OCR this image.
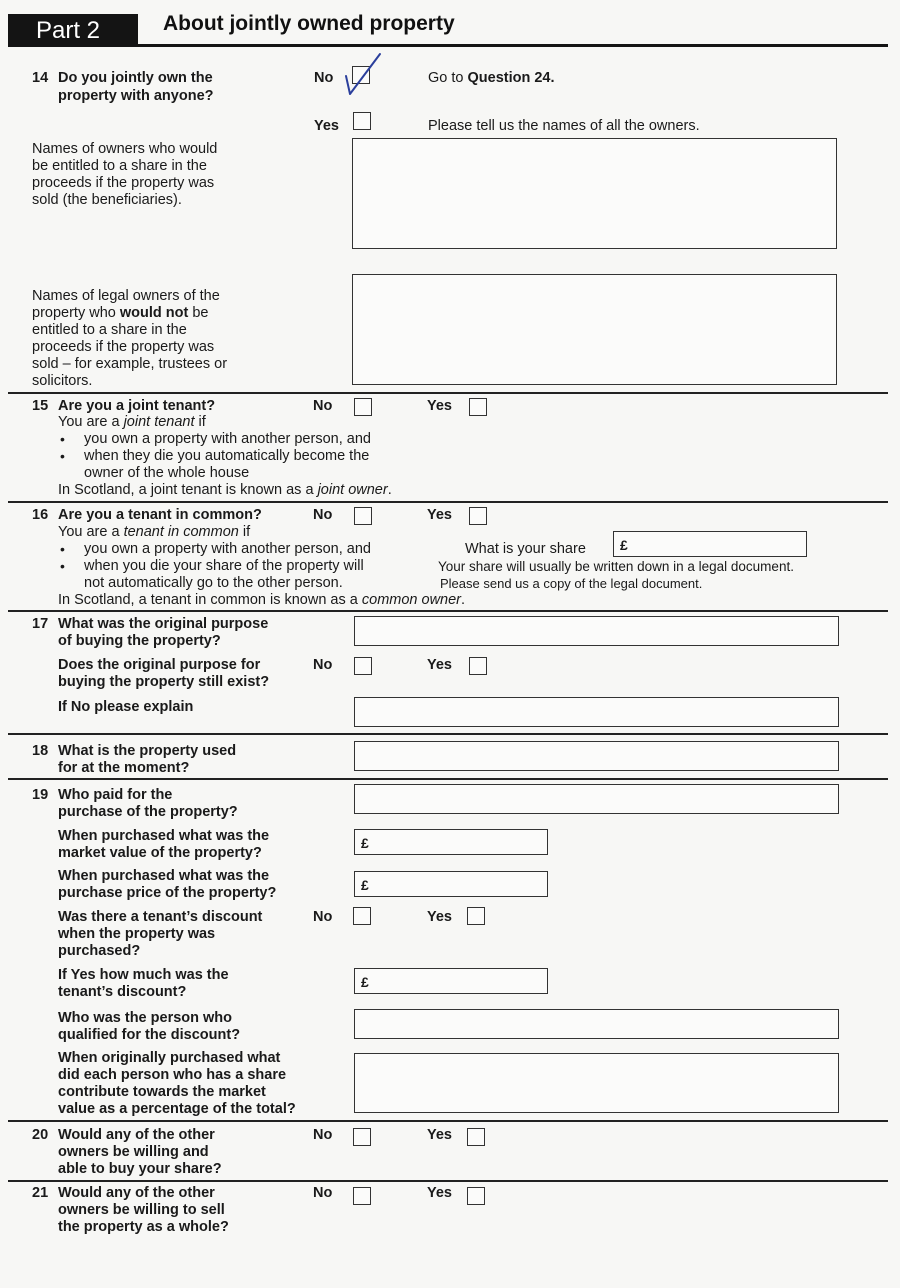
Part 2	About jointly owned property
14 Do you jointly own the
property with anyone?
No	Go to Question 24.
Yes	Please tell us the names of all the owners.
Names of owners who would
be entitled to a share in the
proceeds if the property was
sold (the beneficiaries).
Names of legal owners of the
property who would not be
entitled to a share in the
proceeds if the property was
sold – for example, trustees or
solicitors.
15 Are you a joint tenant?	No	Yes
You are a joint tenant if
• you own a property with another person, and
• when they die you automatically become the
owner of the whole house
In Scotland, a joint tenant is known as a joint owner.
16 Are you a tenant in common?	No	Yes
You are a tenant in common if
• you own a property with another person, and
• when you die your share of the property will
not automatically go to the other person.
In Scotland, a tenant in common is known as a common owner.
What is your share £
Your share will usually be written down in a legal document.
Please send us a copy of the legal document.
17 What was the original purpose
of buying the property?
Does the original purpose for
buying the property still exist?
No	Yes
If No please explain
18 What is the property used
for at the moment?
19 Who paid for the
purchase of the property?
When purchased what was the
market value of the property?
£
When purchased what was the
purchase price of the property?	£
Was there a tenant’s discount
when the property was
purchased?
No	Yes
If Yes how much was the
tenant’s discount?
£
Who was the person who
qualified for the discount?
When originally purchased what
did each person who has a share
contribute towards the market
value as a percentage of the total?
20 Would any of the other
owners be willing and
able to buy your share?
No	Yes
21 Would any of the other
owners be willing to sell
the property as a whole?
No	Yes
